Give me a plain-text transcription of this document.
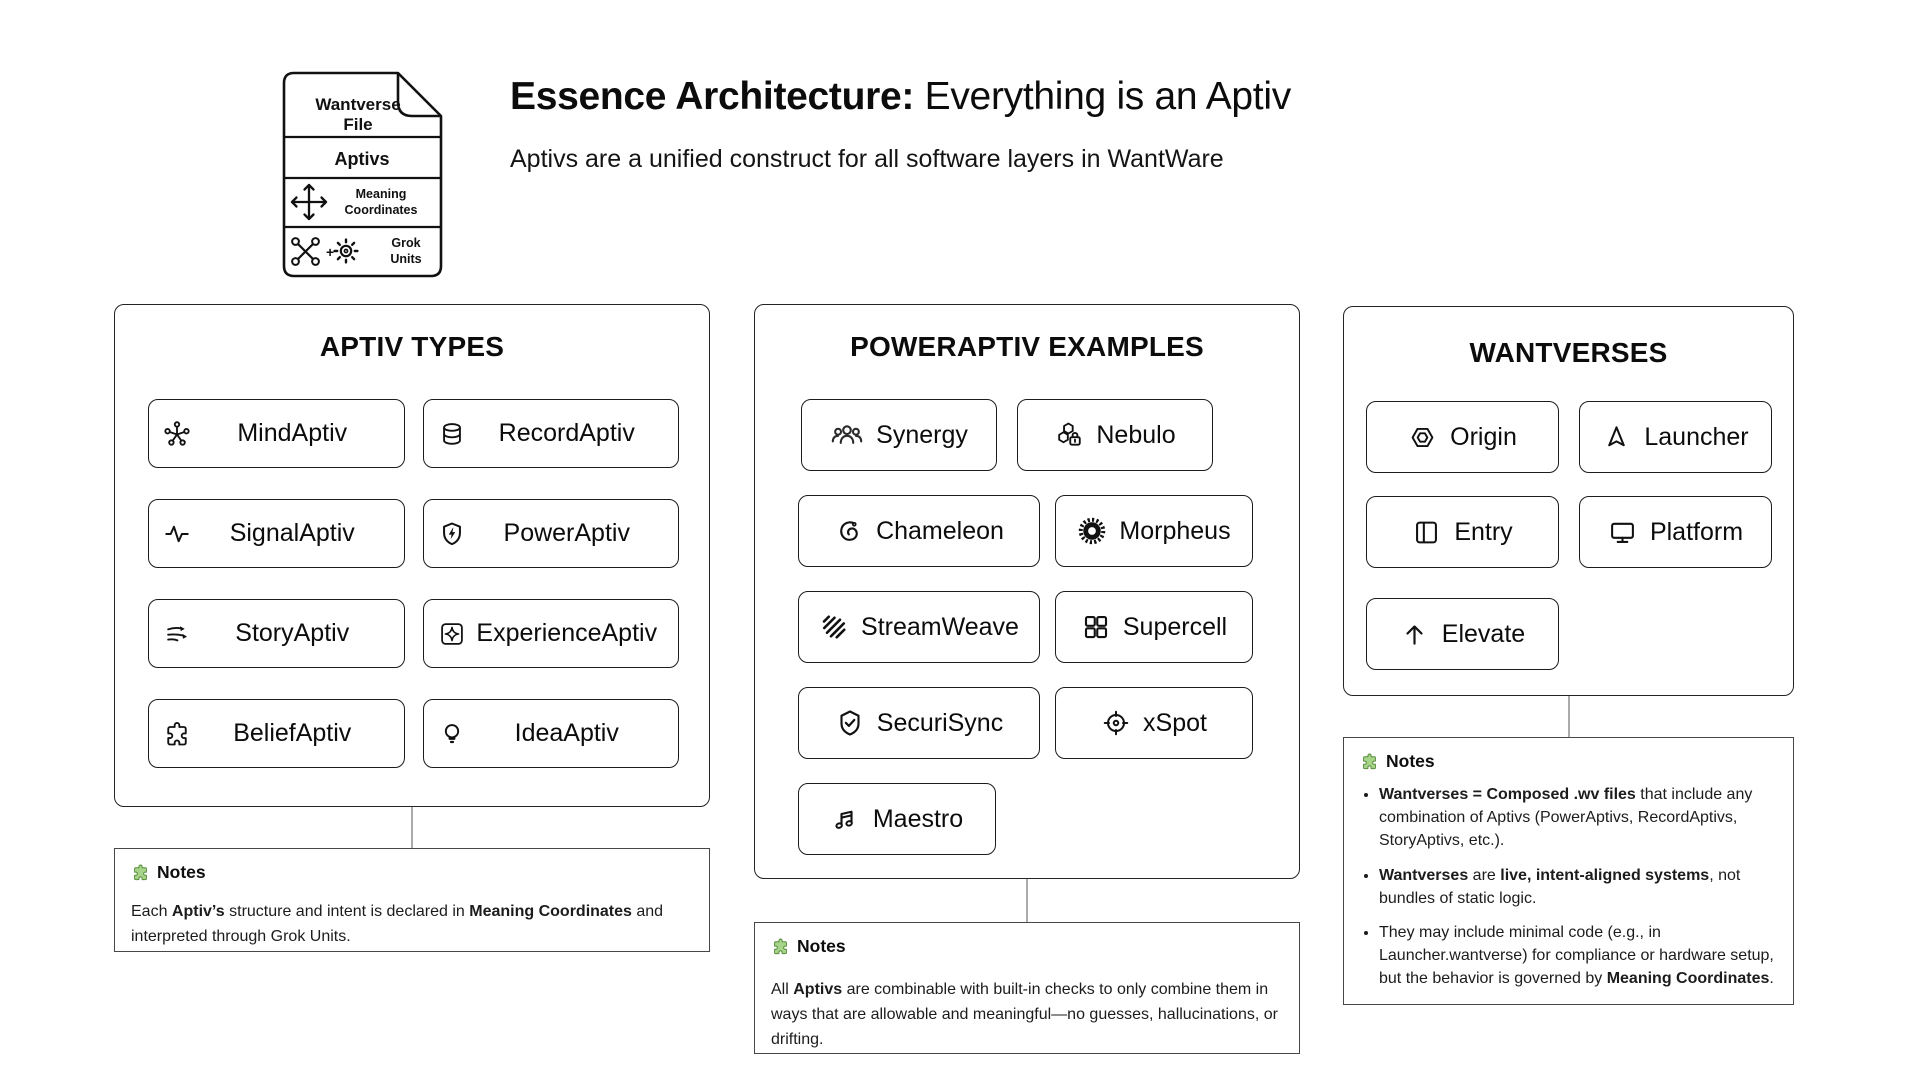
Wantverse
File
Aptivs
Meaning
Coordinates
+
Grok
Units
Essence Architecture: Everything is an Aptiv

Aptivs are a unified construct for all software layers in WantWare

APTIV TYPES
MindAptiv	RecordAptiv
SignalAptiv	PowerAptiv
StoryAptiv	ExperienceAptiv
BeliefAptiv	IdeaAptiv
POWERAPTIV EXAMPLES
Synergy	Nebulo
Chameleon	Morpheus
StreamWeave	Supercell
SecuriSync	xSpot
Maestro
WANTVERSES
Origin	Launcher
Entry	Platform
Elevate
Notes

Each Aptiv’s structure and intent is declared in Meaning Coordinates and interpreted through Grok Units.	Notes

All Aptivs are combinable with built-in checks to only combine them in ways that are allowable and meaningful—no guesses, hallucinations, or drifting.

Notes
• Wantverses = Composed .wv files that include any combination of Aptivs (PowerAptivs, RecordAptivs, StoryAptivs, etc.).
• Wantverses are live, intent-aligned systems, not bundles of static logic.
• They may include minimal code (e.g., in Launcher.wantverse) for compliance or hardware setup, but the behavior is governed by Meaning Coordinates.
